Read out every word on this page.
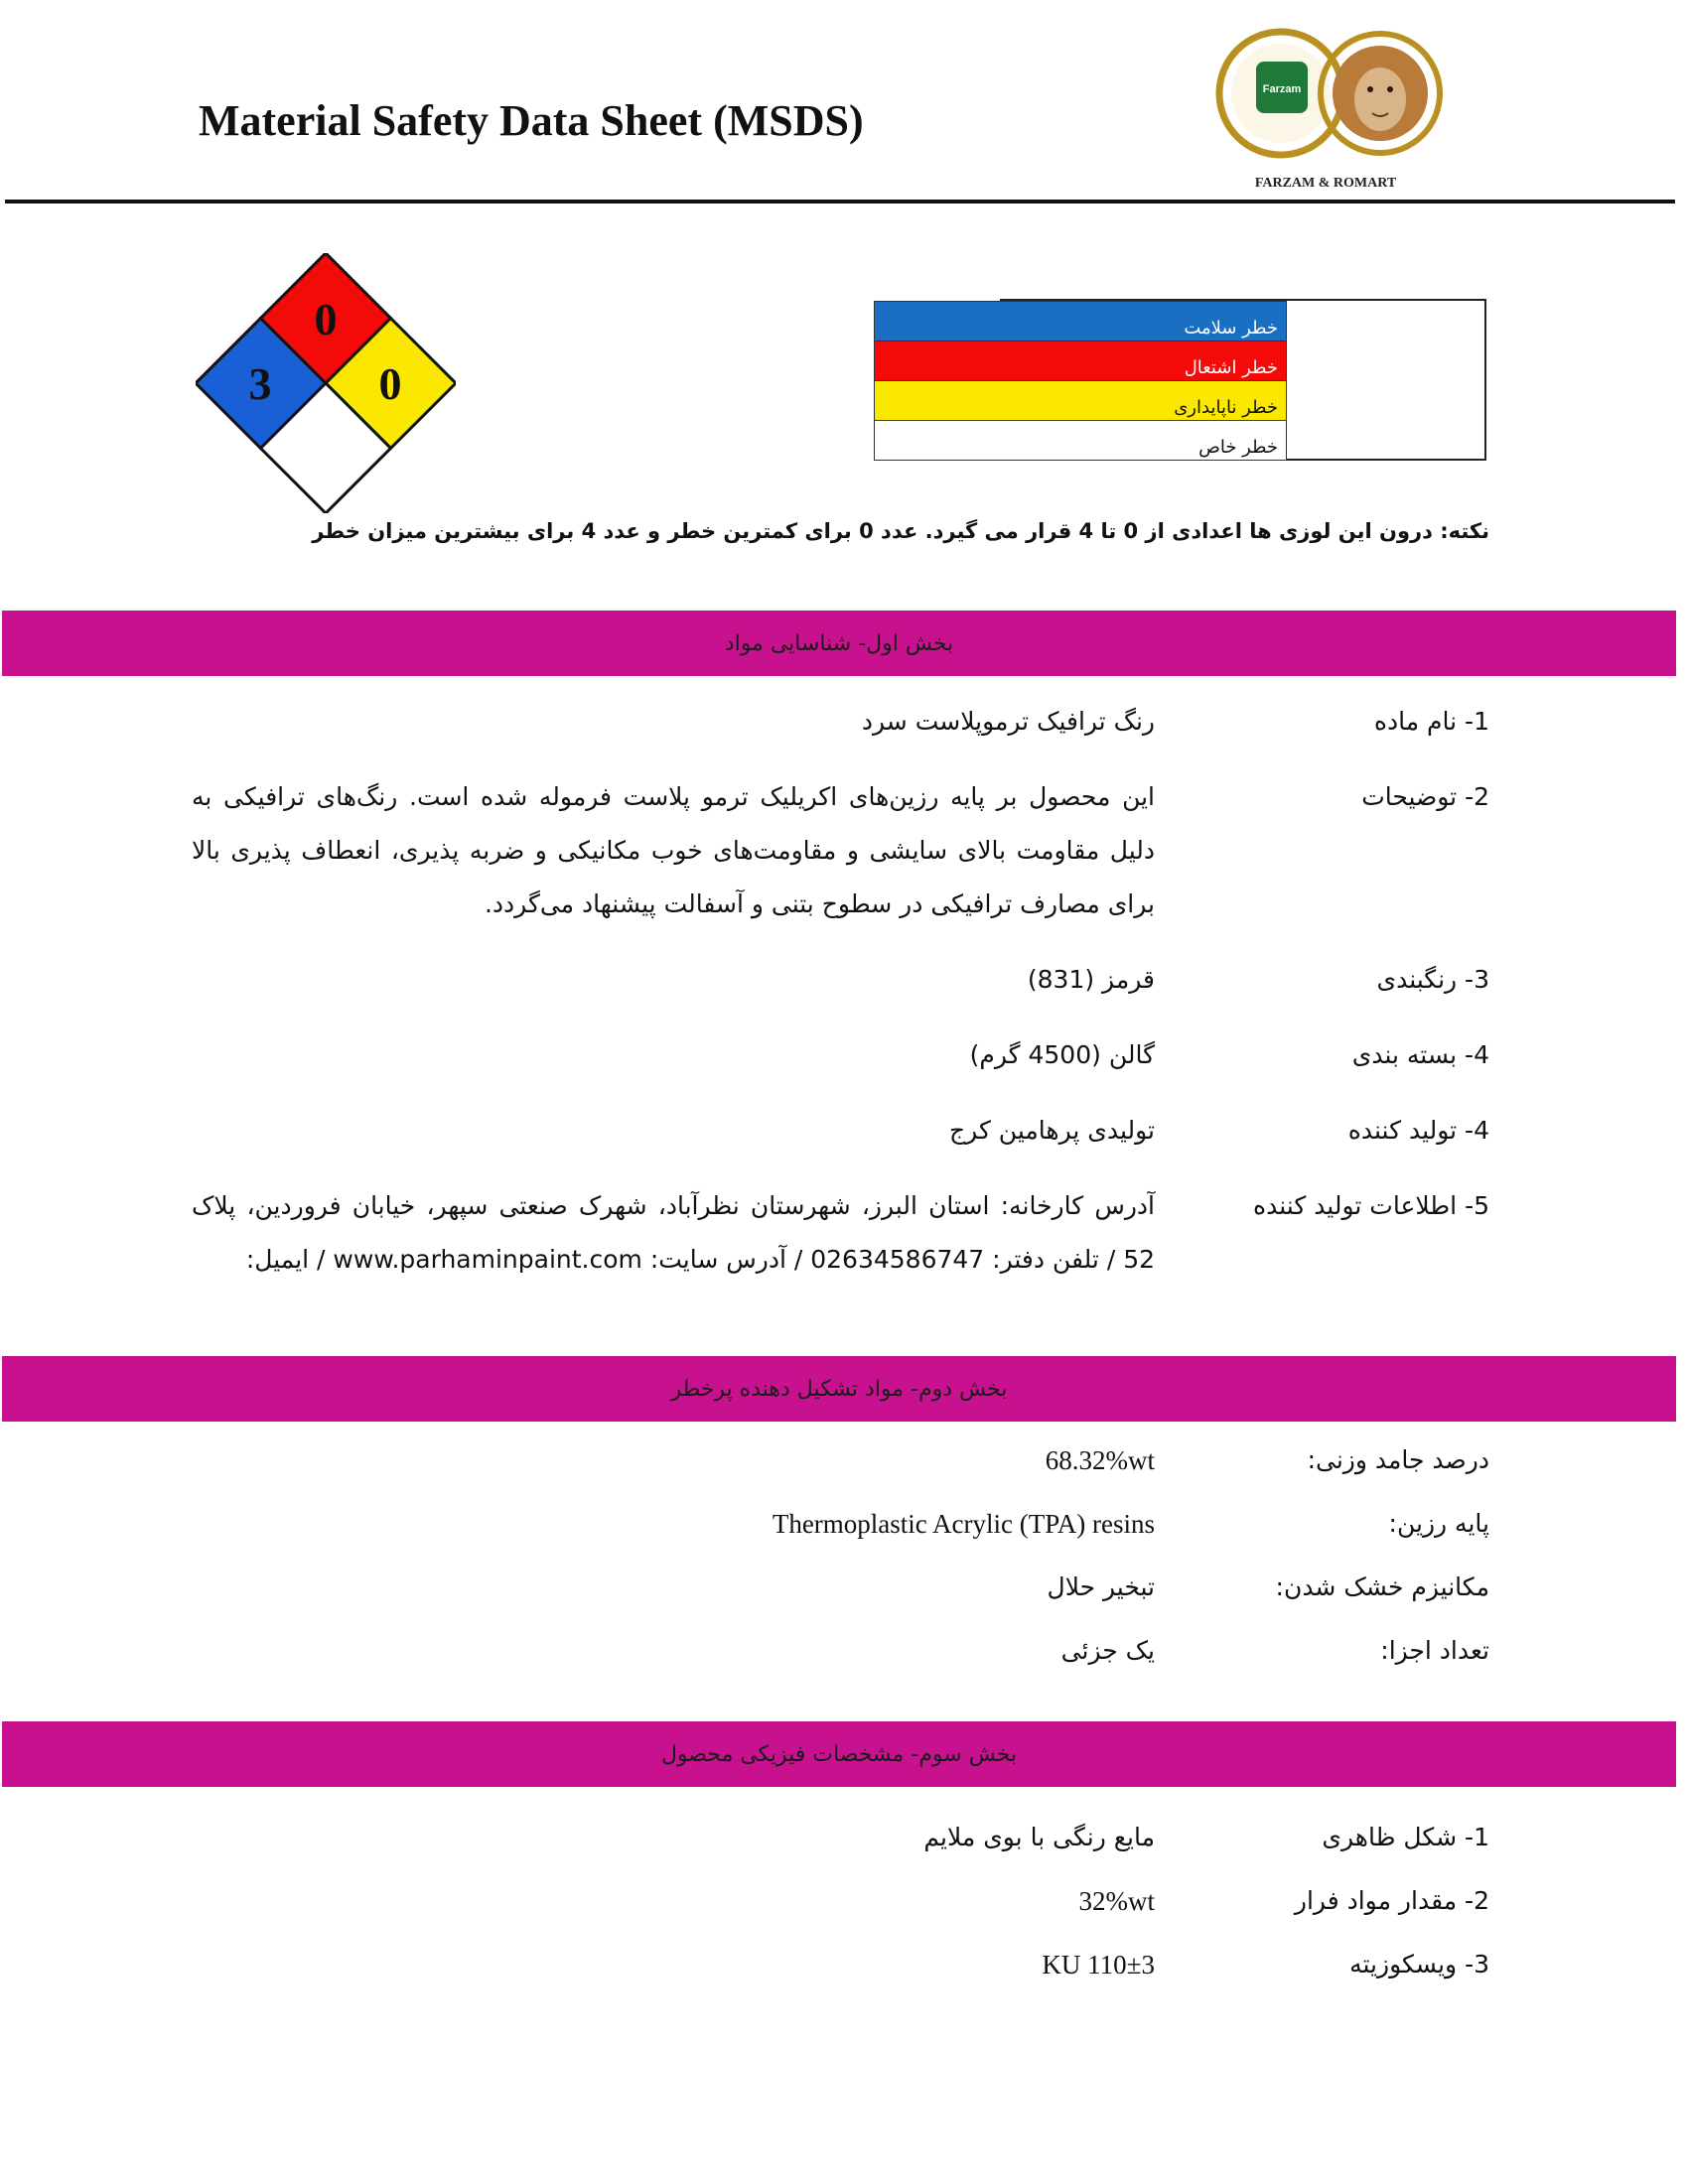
Material Safety Data Sheet (MSDS)
Farzam
FARZAM & ROMART
3
0
0

خطر سلامت

خطر اشتعال

خطر ناپایداری

خطر خاص
نکته: درون این لوزی ها اعدادی از 0 تا 4 قرار می گیرد. عدد 0 برای کمترین خطر و عدد 4 برای بیشترین میزان خطر
بخش اول- شناسایی مواد
1- نام ماده
رنگ ترافیک ترموپلاست سرد
2- توضیحات
این محصول بر پایه رزین‌های اکریلیک ترمو پلاست فرموله شده است. رنگ‌های ترافیکی به دلیل مقاومت بالای سایشی و مقاومت‌های خوب مکانیکی و ضربه پذیری، انعطاف پذیری بالا برای مصارف ترافیکی در سطوح بتنی و آسفالت پیشنهاد می‌گردد.
3- رنگبندی
قرمز (831)
4- بسته بندی
گالن (4500 گرم)
4- تولید کننده
تولیدی پرهامین کرج
5- اطلاعات تولید کننده
آدرس کارخانه: استان البرز، شهرستان نظرآباد، شهرک صنعتی سپهر، خیابان فروردین، پلاک 52 / تلفن دفتر: 02634586747 / آدرس سایت: www.parhaminpaint.com / ایمیل:
بخش دوم- مواد تشکیل دهنده پرخطر
درصد جامد وزنی:
68.32%wt
پایه رزین:
Thermoplastic Acrylic (TPA) resins
مکانیزم خشک شدن:
تبخیر حلال
تعداد اجزا:
یک جزئی
بخش سوم- مشخصات فیزیکی محصول
1- شکل ظاهری
مایع رنگی با بوی ملایم
2- مقدار مواد فرار
32%wt
3- ویسکوزیته
110±3 KU
